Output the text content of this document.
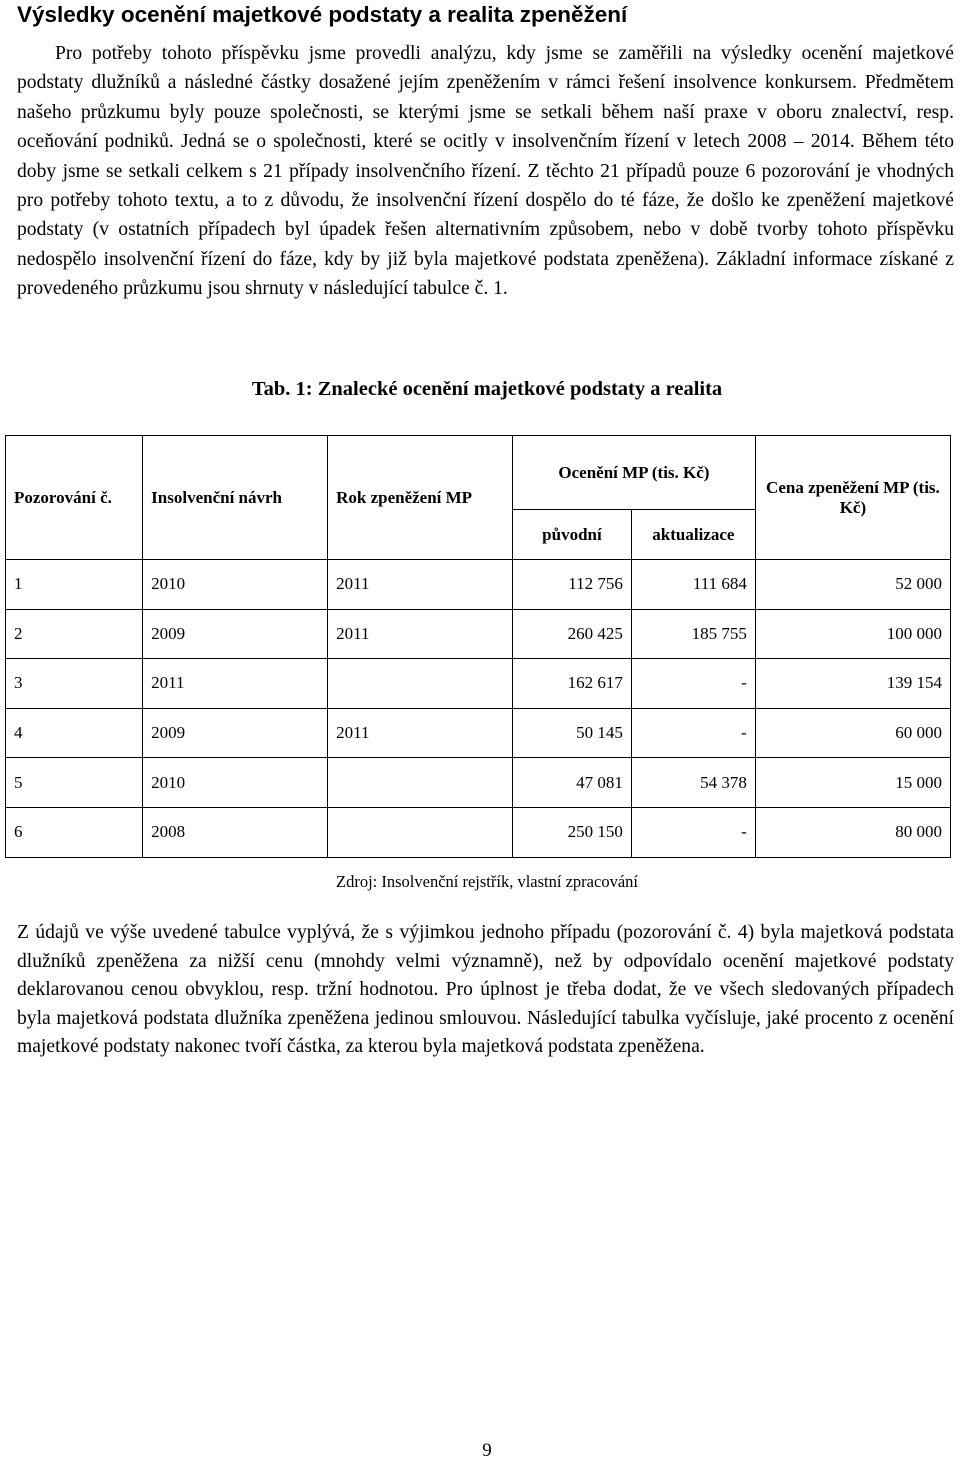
Výsledky ocenění majetkové podstaty a realita zpeněžení

Pro potřeby tohoto příspěvku jsme provedli analýzu, kdy jsme se zaměřili na výsledky ocenění majetkové podstaty dlužníků a následné částky dosažené jejím zpeněžením v rámci řešení insolvence konkursem. Předmětem našeho průzkumu byly pouze společnosti, se kterými jsme se setkali během naší praxe v oboru znalectví, resp. oceňování podniků. Jedná se o společnosti, které se ocitly v insolvenčním řízení v letech 2008 – 2014. Během této doby jsme se setkali celkem s 21 případy insolvenčního řízení. Z těchto 21 případů pouze 6 pozorování je vhodných pro potřeby tohoto textu, a to z důvodu, že insolvenční řízení dospělo do té fáze, že došlo ke zpeněžení majetkové podstaty (v ostatních případech byl úpadek řešen alternativním způsobem, nebo v době tvorby tohoto příspěvku nedospělo insolvenční řízení do fáze, kdy by již byla majetkové podstata zpeněžena). Základní informace získané z provedeného průzkumu jsou shrnuty v následující tabulce č. 1.

Tab. 1: Znalecké ocenění majetkové podstaty a realita
Pozorování č.	Insolvenční návrh	Rok zpeněžení MP	Ocenění MP (tis. Kč)		Cena zpeněžení MP (tis. Kč)
			původní	aktualizace	
1	2010	2011	112 756	111 684	52 000
2	2009	2011	260 425	185 755	100 000
3	2011		162 617	-	139 154
4	2009	2011	50 145	-	60 000
5	2010		47 081	54 378	15 000
6	2008		250 150	-	80 000
Zdroj: Insolvenční rejstřík, vlastní zpracování

Z údajů ve výše uvedené tabulce vyplývá, že s výjimkou jednoho případu (pozorování č. 4) byla majetková podstata dlužníků zpeněžena za nižší cenu (mnohdy velmi významně), než by odpovídalo ocenění majetkové podstaty deklarovanou cenou obvyklou, resp. tržní hodnotou. Pro úplnost je třeba dodat, že ve všech sledovaných případech byla majetková podstata dlužníka zpeněžena jedinou smlouvou. Následující tabulka vyčísluje, jaké procento z ocenění majetkové podstaty nakonec tvoří částka, za kterou byla majetková podstata zpeněžena.

9
